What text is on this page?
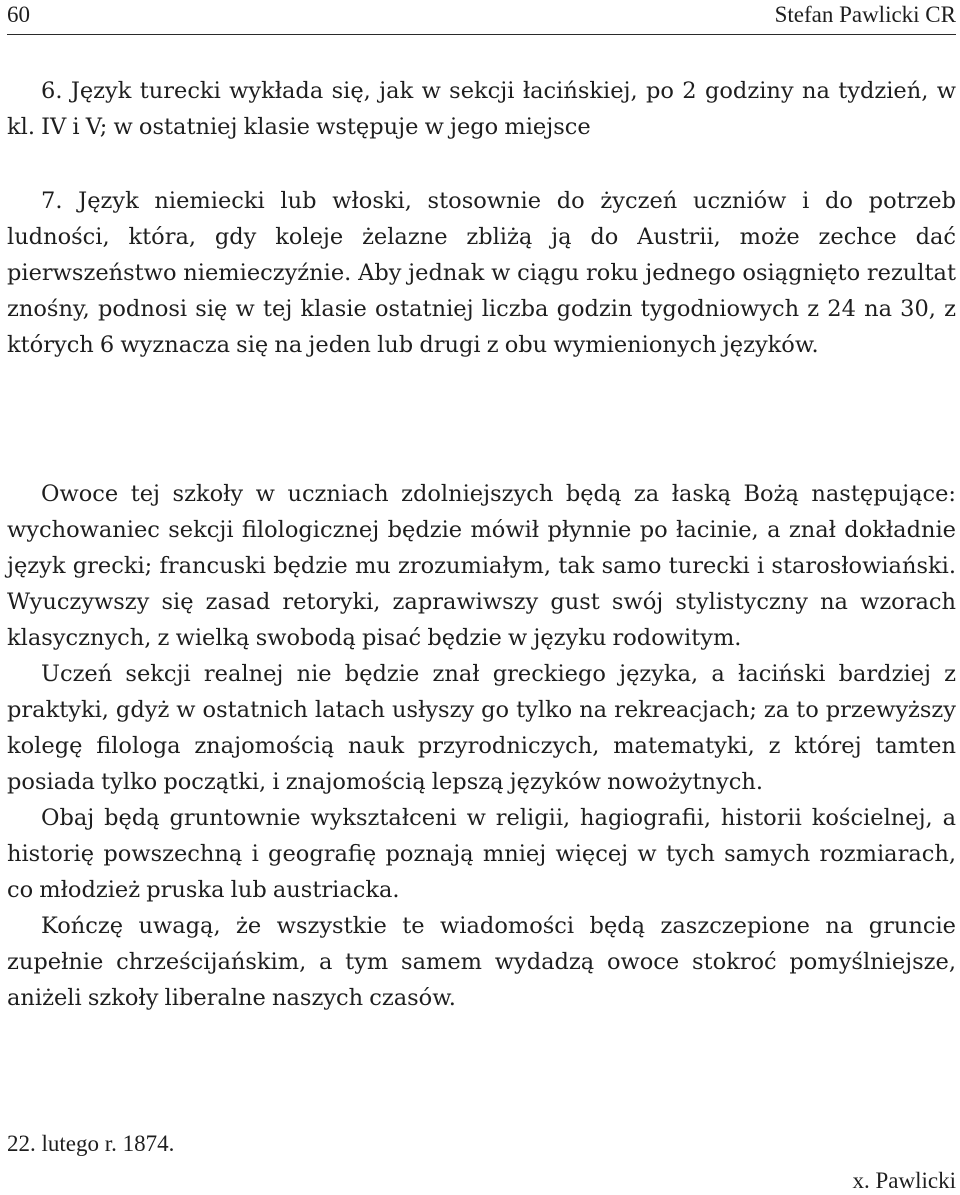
60	Stefan Pawlicki CR

6. Język turecki wykłada się, jak w sekcji łacińskiej, po 2 godziny na tydzień, w kl. IV i V; w ostatniej klasie wstępuje w jego miejsce

7. Język niemiecki lub włoski, stosownie do życzeń uczniów i do potrzeb ludności, która, gdy koleje żelazne zbliżą ją do Austrii, może zechce dać pierwszeństwo niemieczyźnie. Aby jednak w ciągu roku jednego osiągnięto rezultat znośny, podnosi się w tej klasie ostatniej liczba godzin tygodniowych z 24 na 30, z których 6 wyznacza się na jeden lub drugi z obu wymienionych języków.

Owoce tej szkoły w uczniach zdolniejszych będą za łaską Bożą następujące: wychowaniec sekcji filologicznej będzie mówił płynnie po łacinie, a znał dokładnie język grecki; francuski będzie mu zrozumiałym, tak samo turecki i starosłowiański. Wyuczywszy się zasad retoryki, zaprawiwszy gust swój stylistyczny na wzorach klasycznych, z wielką swobodą pisać będzie w języku rodowitym.

Uczeń sekcji realnej nie będzie znał greckiego języka, a łaciński bardziej z praktyki, gdyż w ostatnich latach usłyszy go tylko na rekreacjach; za to przewyższy kolegę filologa znajomością nauk przyrodniczych, matematyki, z której tamten posiada tylko początki, i znajomością lepszą języków nowożytnych.

Obaj będą gruntownie wykształceni w religii, hagiografii, historii kościelnej, a historię powszechną i geografię poznają mniej więcej w tych samych rozmiarach, co młodzież pruska lub austriacka.

Kończę uwagą, że wszystkie te wiadomości będą zaszczepione na gruncie zupełnie chrześcijańskim, a tym samem wydadzą owoce stokroć pomyślniejsze, aniżeli szkoły liberalne naszych czasów.

22. lutego r. 1874.
x. Pawlicki
